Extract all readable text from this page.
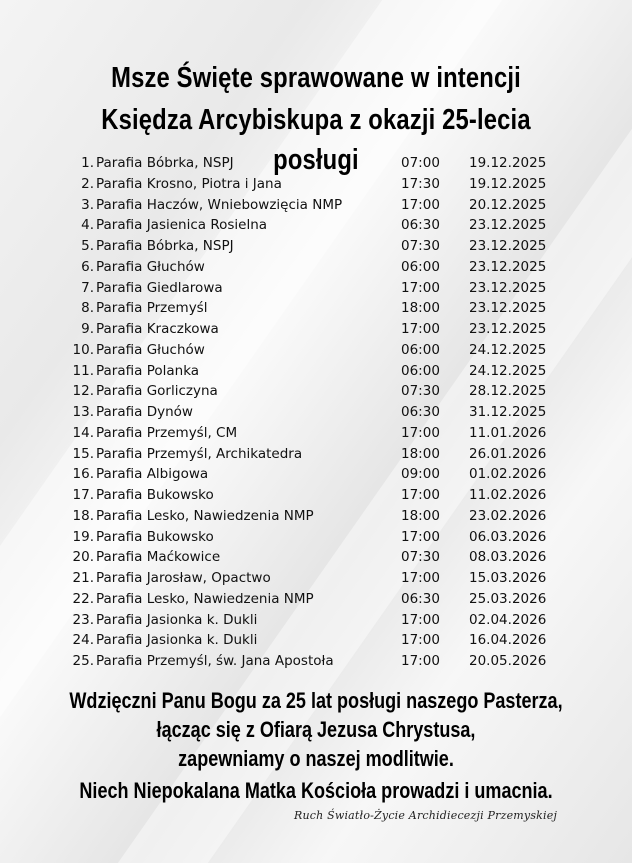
Msze Święte sprawowane w intencji
Księdza Arcybiskupa z okazji 25-lecia posługi
1. Parafia Bóbrka, NSPJ	07:00 19.12.2025
2. Parafia Krosno, Piotra i Jana	17:30 19.12.2025
3. Parafia Haczów, Wniebowzięcia NMP	17:00 20.12.2025
4. Parafia Jasienica Rosielna	06:30 23.12.2025
5. Parafia Bóbrka, NSPJ	07:30 23.12.2025
6. Parafia Głuchów	06:00 23.12.2025
7. Parafia Giedlarowa	17:00 23.12.2025
8. Parafia Przemyśl	18:00 23.12.2025
9. Parafia Kraczkowa	17:00 23.12.2025
10. Parafia Głuchów	06:00 24.12.2025
11. Parafia Polanka	06:00 24.12.2025
12. Parafia Gorliczyna	07:30 28.12.2025
13. Parafia Dynów	06:30 31.12.2025
14. Parafia Przemyśl, CM	17:00 11.01.2026
15. Parafia Przemyśl, Archikatedra	18:00 26.01.2026
16. Parafia Albigowa	09:00 01.02.2026
17. Parafia Bukowsko	17:00 11.02.2026
18. Parafia Lesko, Nawiedzenia NMP	18:00 23.02.2026
19. Parafia Bukowsko	17:00 06.03.2026
20. Parafia Maćkowice	07:30 08.03.2026
21. Parafia Jarosław, Opactwo	17:00 15.03.2026
22. Parafia Lesko, Nawiedzenia NMP	06:30 25.03.2026
23. Parafia Jasionka k. Dukli	17:00 02.04.2026
24. Parafia Jasionka k. Dukli	17:00 16.04.2026
25. Parafia Przemyśl, św. Jana Apostoła	17:00 20.05.2026
Wdzięczni Panu Bogu za 25 lat posługi naszego Pasterza,
łącząc się z Ofiarą Jezusa Chrystusa,
zapewniamy o naszej modlitwie.
Niech Niepokalana Matka Kościoła prowadzi i umacnia.
Ruch Światło-Życie Archidiecezji Przemyskiej
